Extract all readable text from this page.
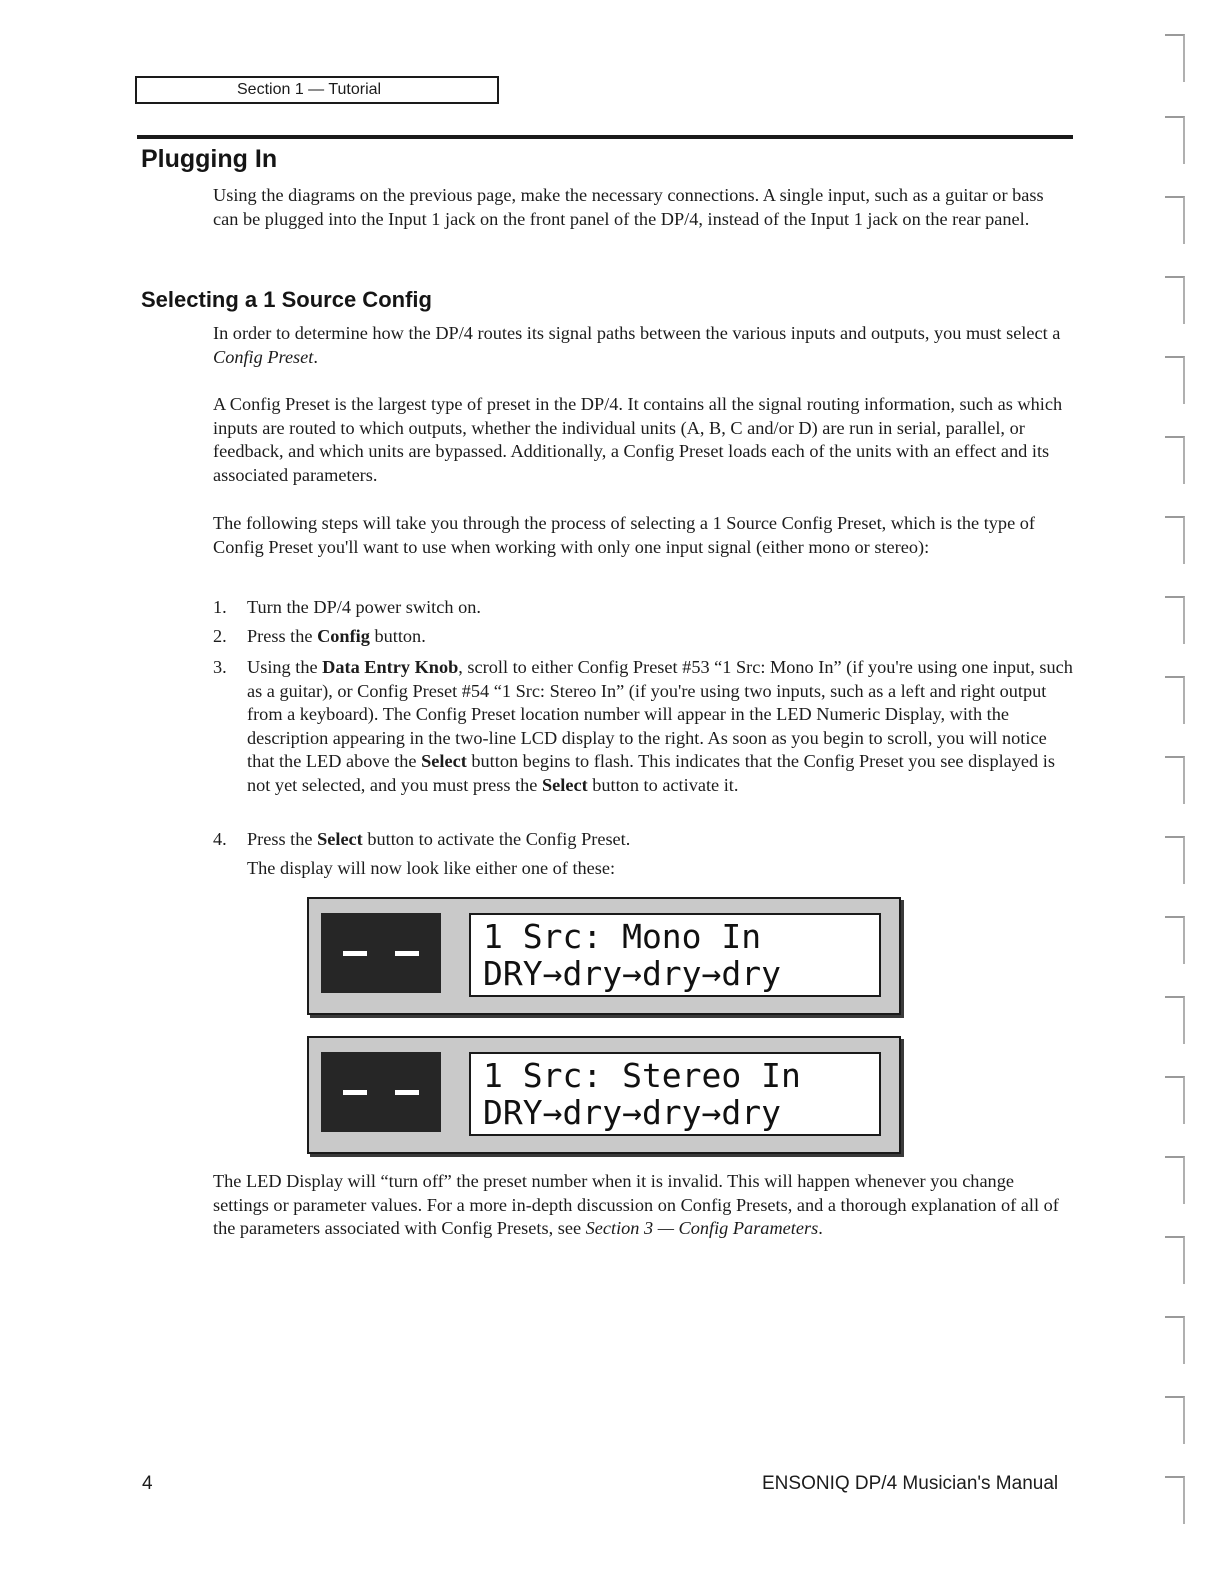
Section 1 — Tutorial
Plugging In

Using the diagrams on the previous page, make the necessary connections. A single input, such as a guitar or bass can be plugged into the Input 1 jack on the front panel of the DP/4, instead of the Input 1 jack on the rear panel.

Selecting a 1 Source Config

In order to determine how the DP/4 routes its signal paths between the various inputs and outputs, you must select a Config Preset.

A Config Preset is the largest type of preset in the DP/4. It contains all the signal routing information, such as which inputs are routed to which outputs, whether the individual units (A, B, C and/or D) are run in serial, parallel, or feedback, and which units are bypassed. Additionally, a Config Preset loads each of the units with an effect and its associated parameters.

The following steps will take you through the process of selecting a 1 Source Config Preset, which is the type of Config Preset you'll want to use when working with only one input signal (either mono or stereo):

1. Turn the DP/4 power switch on.

2. Press the Config button.

3. Using the Data Entry Knob, scroll to either Config Preset #53 “1 Src: Mono In” (if you're using one input, such as a guitar), or Config Preset #54 “1 Src: Stereo In” (if you're using two inputs, such as a left and right output from a keyboard). The Config Preset location number will appear in the LED Numeric Display, with the description appearing in the two-line LCD display to the right. As soon as you begin to scroll, you will notice that the LED above the Select button begins to flash. This indicates that the Config Preset you see displayed is not yet selected, and you must press the Select button to activate it.

4. Press the Select button to activate the Config Preset.

The display will now look like either one of these:

1 Src: Mono In
DRY→dry→dry→dry
1 Src: Stereo In
DRY→dry→dry→dry

The LED Display will “turn off” the preset number when it is invalid. This will happen whenever you change settings or parameter values. For a more in-depth discussion on Config Presets, and a thorough explanation of all of the parameters associated with Config Presets, see Section 3 — Config Parameters.

4	ENSONIQ DP/4 Musician's Manual
